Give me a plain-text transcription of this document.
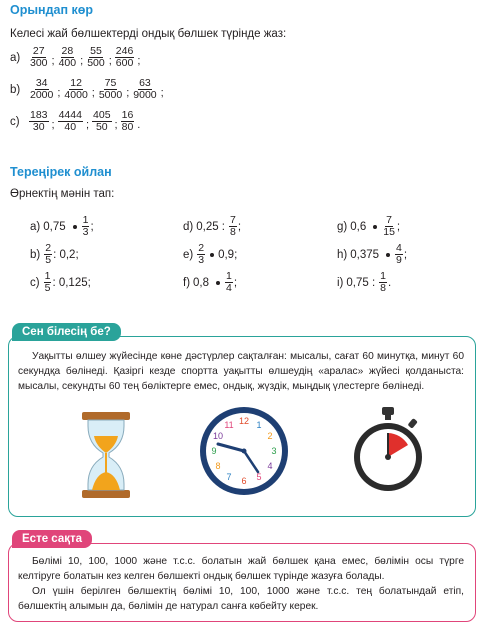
Орындап көр
Келесі жай бөлшектерді ондық бөлшек түрінде жаз:
$a) \frac{27}{300}$ ; $\frac{28}{400}$ ; $\frac{55}{500}$ ; $\frac{246}{600}$ ;
$b) \frac{34}{2000}$ ; $\frac{12}{4000}$ ; $\frac{75}{5000}$ ; $\frac{63}{9000}$ ;
$c) \frac{183}{30}$ ; $\frac{4444}{40}$ ; $\frac{405}{50}$ ; $\frac{16}{80}$ .
Тереңірек ойлан
Өрнектің мәнін тап:
a) $0,75 \frac{1}{3}$ ;
$b) \frac{2}{5}$ : 0,2;
$c) \frac{1}{5}$ : 0,125;
d) 0,25 : $\frac{7}{8}$ ;
$e) \frac{2}{3} 0,9$;
f) $0,8 \frac{1}{4}$ ;
g) $0,6 \frac{7}{15}$ ;
h) $0,375 \frac{4}{9}$ ;
i) 0,75 : $\frac{1}{8}$ .
Сен білесің бе?

Уақытты өлшеу жүйесінде көне дәстүрлер сақталған: мысалы, сағат 60 минутқа, минут 60 секундқа бөлінеді. Қазіргі кезде спортта уақытты өлшеудің «аралас» жүйесі қолданыста: мысалы, секундты 60 тең бөліктерге емес, ондық, жүздік, мыңдық үлестерге бөлінеді.

12 1
2
3
4
5
6
7
8
9
10
11
Есте сақта

Бөлімі 10, 100, 1000 және т.с.с. болатын жай бөлшек қана емес, бөлімін осы түрге келтіруге болатын кез келген бөлшекті ондық бөлшек түрінде жазуға болады.

Ол үшін берілген бөлшектің бөлімі 10, 100, 1000 және т.с.с. тең болатындай етіп, бөлшектің алымын да, бөлімін де натурал санға көбейту керек.
